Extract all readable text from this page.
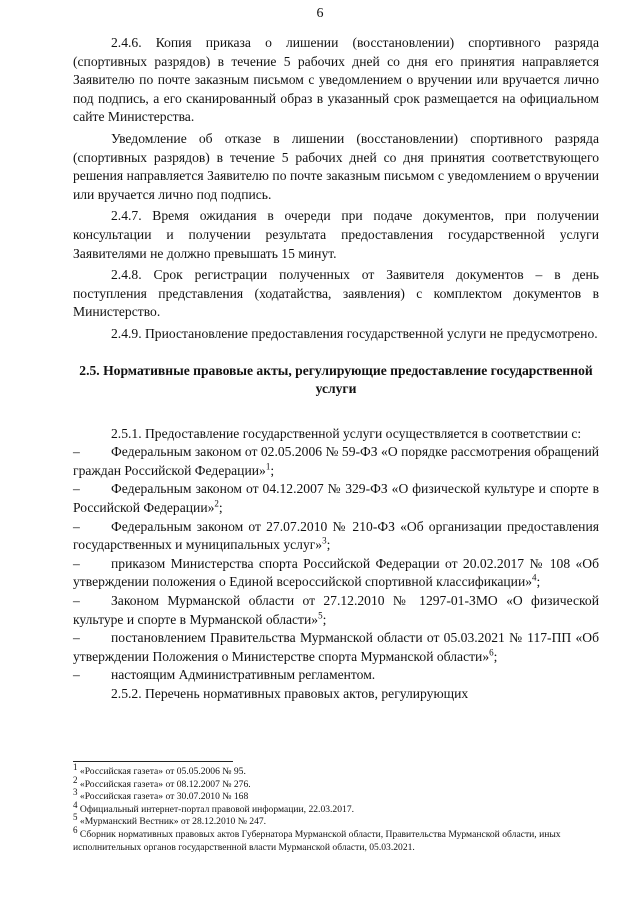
6

2.4.6. Копия приказа о лишении (восстановлении) спортивного разряда (спортивных разрядов) в течение 5 рабочих дней со дня его принятия направляется Заявителю по почте заказным письмом с уведомлением о вручении или вручается лично под подпись, а его сканированный образ в указанный срок размещается на официальном сайте Министерства.

Уведомление об отказе в лишении (восстановлении) спортивного разряда (спортивных разрядов) в течение 5 рабочих дней со дня принятия соответствующего решения направляется Заявителю по почте заказным письмом с уведомлением о вручении или вручается лично под подпись.

2.4.7. Время ожидания в очереди при подаче документов, при получении консультации и получении результата предоставления государственной услуги Заявителями не должно превышать 15 минут.

2.4.8. Срок регистрации полученных от Заявителя документов – в день поступления представления (ходатайства, заявления) с комплектом документов в Министерство.

2.4.9. Приостановление предоставления государственной услуги не предусмотрено.

2.5. Нормативные правовые акты, регулирующие предоставление государственной услуги

2.5.1. Предоставление государственной услуги осуществляется в соответствии с:

– Федеральным законом от 02.05.2006 № 59-ФЗ «О порядке рассмотрения обращений граждан Российской Федерации»$^1$;

– Федеральным законом от 04.12.2007 № 329-ФЗ «О физической культуре и спорте в Российской Федерации»$^2$;

– Федеральным законом от 27.07.2010 № 210-ФЗ «Об организации предоставления государственных и муниципальных услуг»$^3$;

– приказом Министерства спорта Российской Федерации от 20.02.2017 № 108 «Об утверждении положения о Единой всероссийской спортивной классификации»$^4$;

– Законом Мурманской области от 27.12.2010 № 1297-01-ЗМО «О физической культуре и спорте в Мурманской области»$^5$;

– постановлением Правительства Мурманской области от 05.03.2021 № 117-ПП «Об утверждении Положения о Министерстве спорта Мурманской области»$^6$;

– настоящим Административным регламентом.

2.5.2. Перечень нормативных правовых актов, регулирующих

$^1$ «Российская газета» от 05.05.2006 № 95.
$^2$ «Российская газета» от 08.12.2007 № 276.
$^3$ «Российская газета» от 30.07.2010 № 168
$^4$ Официальный интернет-портал правовой информации, 22.03.2017.
$^5$ «Мурманский Вестник» от 28.12.2010 № 247.
$^6$ Сборник нормативных правовых актов Губернатора Мурманской области, Правительства Мурманской области, иных исполнительных органов государственной власти Мурманской области, 05.03.2021.
